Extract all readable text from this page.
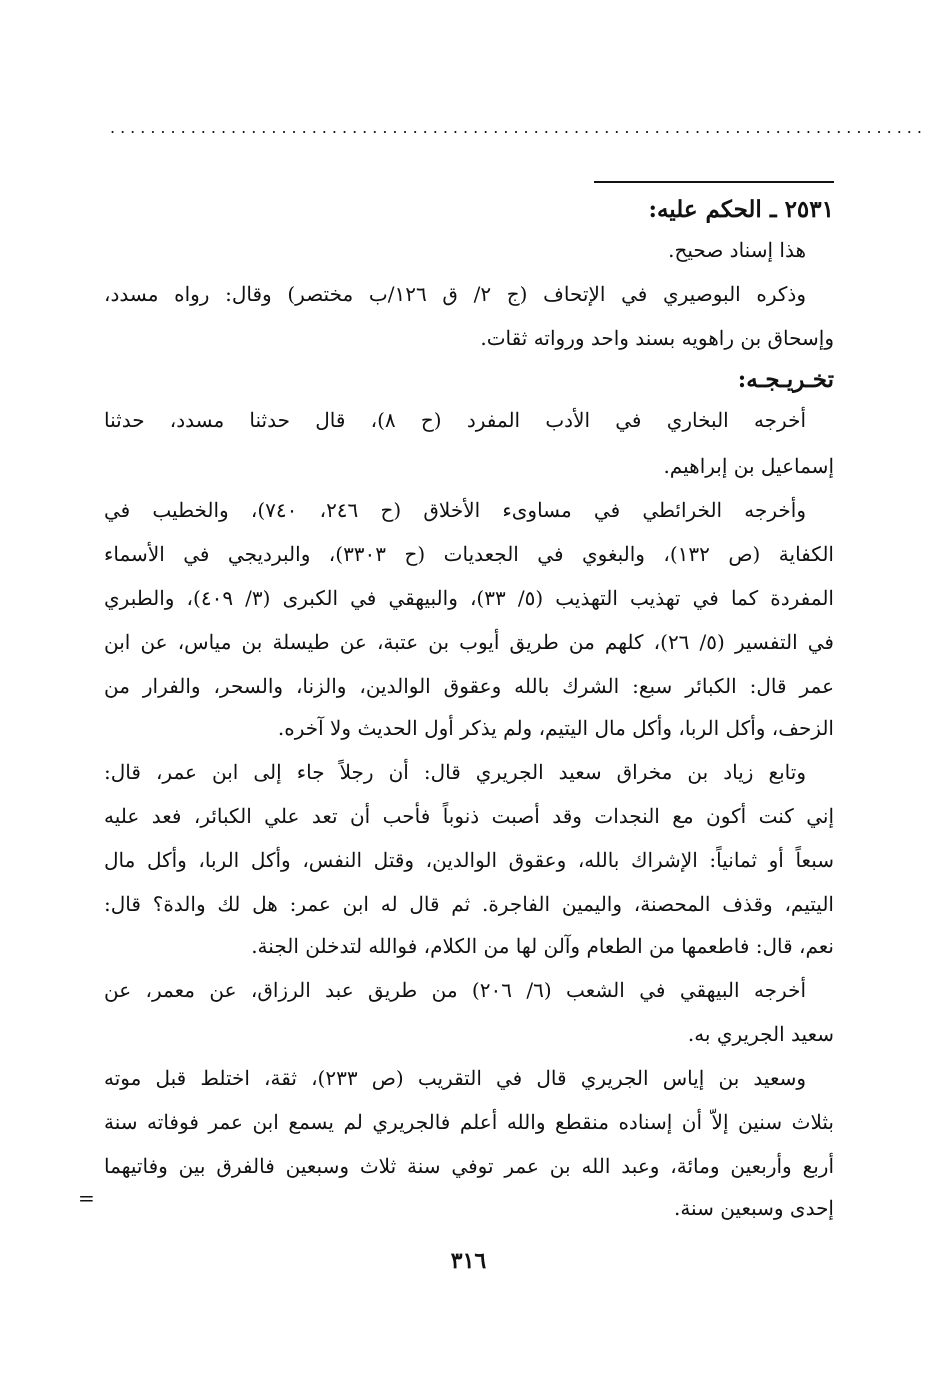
.................................................................................
٢٥٣١ ـ الحكم عليه:
هذا إسناد صحيح.
وذكره البوصيري في الإتحاف (ج ٢/ ق ١٢٦/ب مختصر) وقال: رواه مسدد،
وإسحاق بن راهويه بسند واحد ورواته ثقات.
تخـريـجـه:
أخرجه البخاري في الأدب المفرد (ح ٨)، قال حدثنا مسدد، حدثنا
إسماعيل بن إبراهيم.
وأخرجه الخرائطي في مساوىء الأخلاق (ح ٢٤٦، ٧٤٠)، والخطيب في
الكفاية (ص ١٣٢)، والبغوي في الجعديات (ح ٣٣٠٣)، والبرديجي في الأسماء
المفردة كما في تهذيب التهذيب (٥/ ٣٣)، والبيهقي في الكبرى (٣/ ٤٠٩)، والطبري
في التفسير (٥/ ٢٦)، كلهم من طريق أيوب بن عتبة، عن طيسلة بن مياس، عن ابن
عمر قال: الكبائر سبع: الشرك بالله وعقوق الوالدين، والزنا، والسحر، والفرار من
الزحف، وأكل الربا، وأكل مال اليتيم، ولم يذكر أول الحديث ولا آخره.
وتابع زياد بن مخراق سعيد الجريري قال: أن رجلاً جاء إلى ابن عمر، قال:
إني كنت أكون مع النجدات وقد أصبت ذنوباً فأحب أن تعد علي الكبائر، فعد عليه
سبعاً أو ثمانياً: الإشراك بالله، وعقوق الوالدين، وقتل النفس، وأكل الربا، وأكل مال
اليتيم، وقذف المحصنة، واليمين الفاجرة. ثم قال له ابن عمر: هل لك والدة؟ قال:
نعم، قال: فاطعمها من الطعام وآلن لها من الكلام، فوالله لتدخلن الجنة.
أخرجه البيهقي في الشعب (٦/ ٢٠٦) من طريق عبد الرزاق، عن معمر، عن
سعيد الجريري به.
وسعيد بن إياس الجريري قال في التقريب (ص ٢٣٣)، ثقة، اختلط قبل موته
بثلاث سنين إلاّ أن إسناده منقطع والله أعلم فالجريري لم يسمع ابن عمر فوفاته سنة
أربع وأربعين ومائة، وعبد الله بن عمر توفي سنة ثلاث وسبعين فالفرق بين وفاتيهما
إحدى وسبعين سنة.
=
٣١٦
